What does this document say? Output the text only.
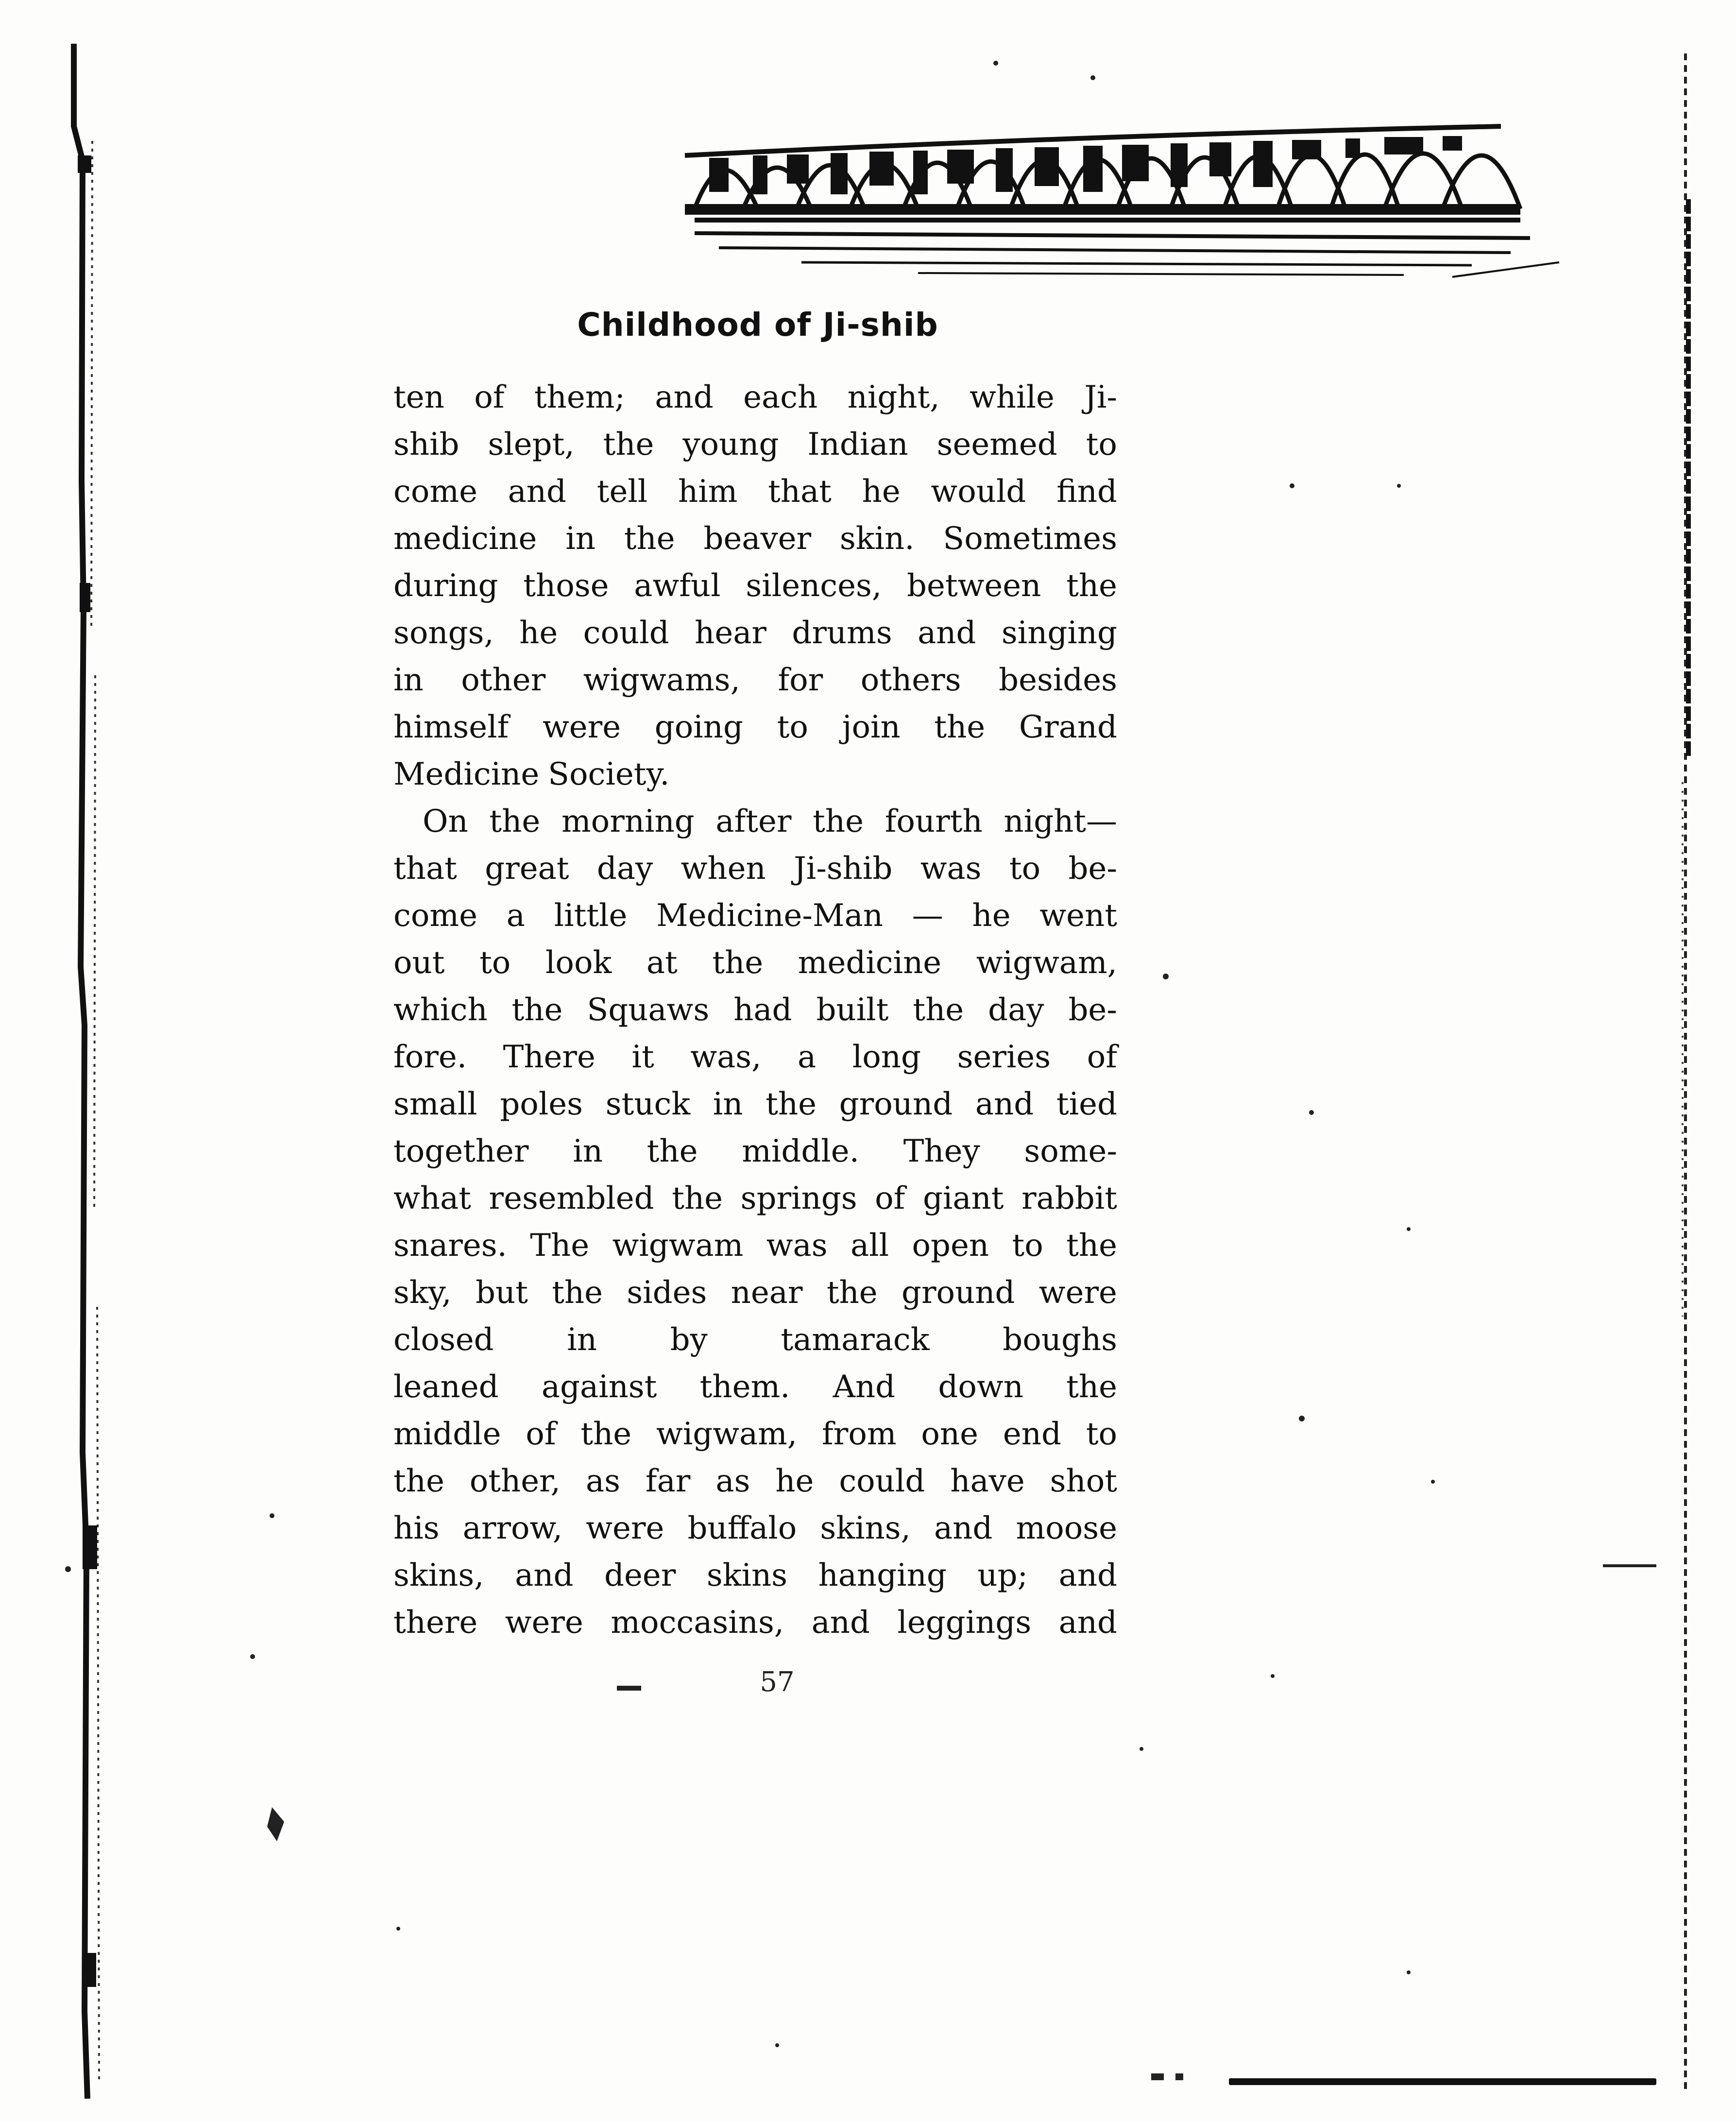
Childhood of Ji-shib
ten of them; and each night, while Ji-
shib slept, the young Indian seemed to
come and tell him that he would find
medicine in the beaver skin. Sometimes
during those awful silences, between the
songs, he could hear drums and singing
in other wigwams, for others besides
himself were going to join the Grand
Medicine Society.
On the morning after the fourth night—
that great day when Ji-shib was to be-
come a little Medicine-Man — he went
out to look at the medicine wigwam,
which the Squaws had built the day be-
fore. There it was, a long series of
small poles stuck in the ground and tied
together in the middle. They some-
what resembled the springs of giant rabbit
snares. The wigwam was all open to the
sky, but the sides near the ground were
closed in by tamarack boughs
leaned against them. And down the
middle of the wigwam, from one end to
the other, as far as he could have shot
his arrow, were buffalo skins, and moose
skins, and deer skins hanging up; and
there were moccasins, and leggings and
57
